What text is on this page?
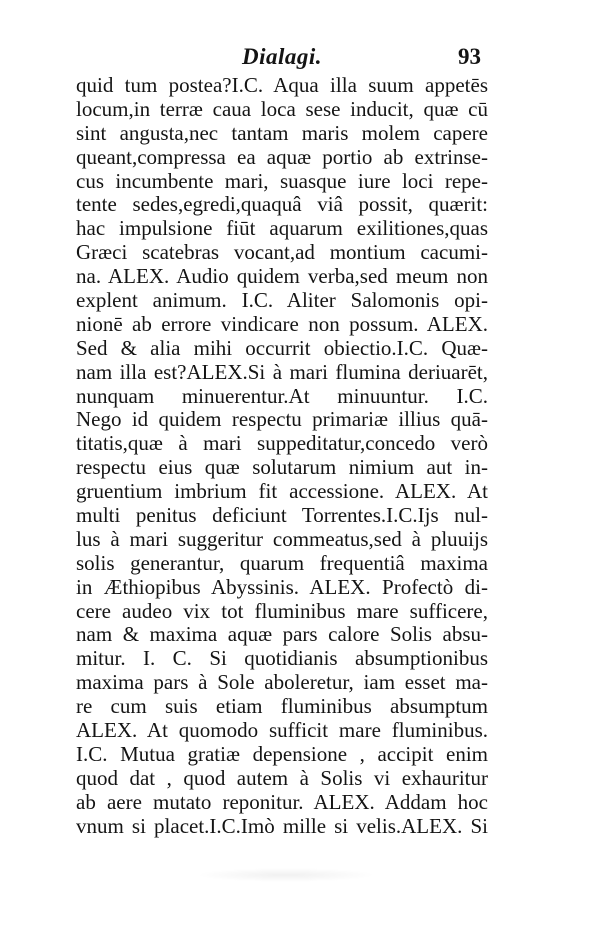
Dialagi.	93
quid tum postea?I.C. Aqua illa suum appetēs
locum,in terræ caua loca sese inducit, quæ cū
sint angusta,nec tantam maris molem capere
queant,compressa ea aquæ portio ab extrinse-
cus incumbente mari, suasque iure loci repe-
tente sedes,egredi,quaquâ viâ possit, quærit:
hac impulsione fiūt aquarum exilitiones,quas
Græci scatebras vocant,ad montium cacumi-
na. ALEX. Audio quidem verba,sed meum non
explent animum. I.C. Aliter Salomonis opi-
nionē ab errore vindicare non possum. ALEX.
Sed & alia mihi occurrit obiectio.I.C. Quæ-
nam illa est?ALEX.Si à mari flumina deriuarēt,
nunquam minuerentur.At minuuntur. I.C.
Nego id quidem respectu primariæ illius quā-
titatis,quæ à mari suppeditatur,concedo verò
respectu eius quæ solutarum nimium aut in-
gruentium imbrium fit accessione. ALEX. At
multi penitus deficiunt Torrentes.I.C.Ijs nul-
lus à mari suggeritur commeatus,sed à pluuijs
solis generantur, quarum frequentiâ maxima
in Æthiopibus Abyssinis. ALEX. Profectò di-
cere audeo vix tot fluminibus mare sufficere,
nam & maxima aquæ pars calore Solis absu-
mitur. I. C. Si quotidianis absumptionibus
maxima pars à Sole aboleretur, iam esset ma-
re cum suis etiam fluminibus absumptum
ALEX. At quomodo sufficit mare fluminibus.
I.C. Mutua gratiæ depensione , accipit enim
quod dat , quod autem à Solis vi exhauritur
ab aere mutato reponitur. ALEX. Addam hoc
vnum si placet.I.C.Imò mille si velis.ALEX. Si
